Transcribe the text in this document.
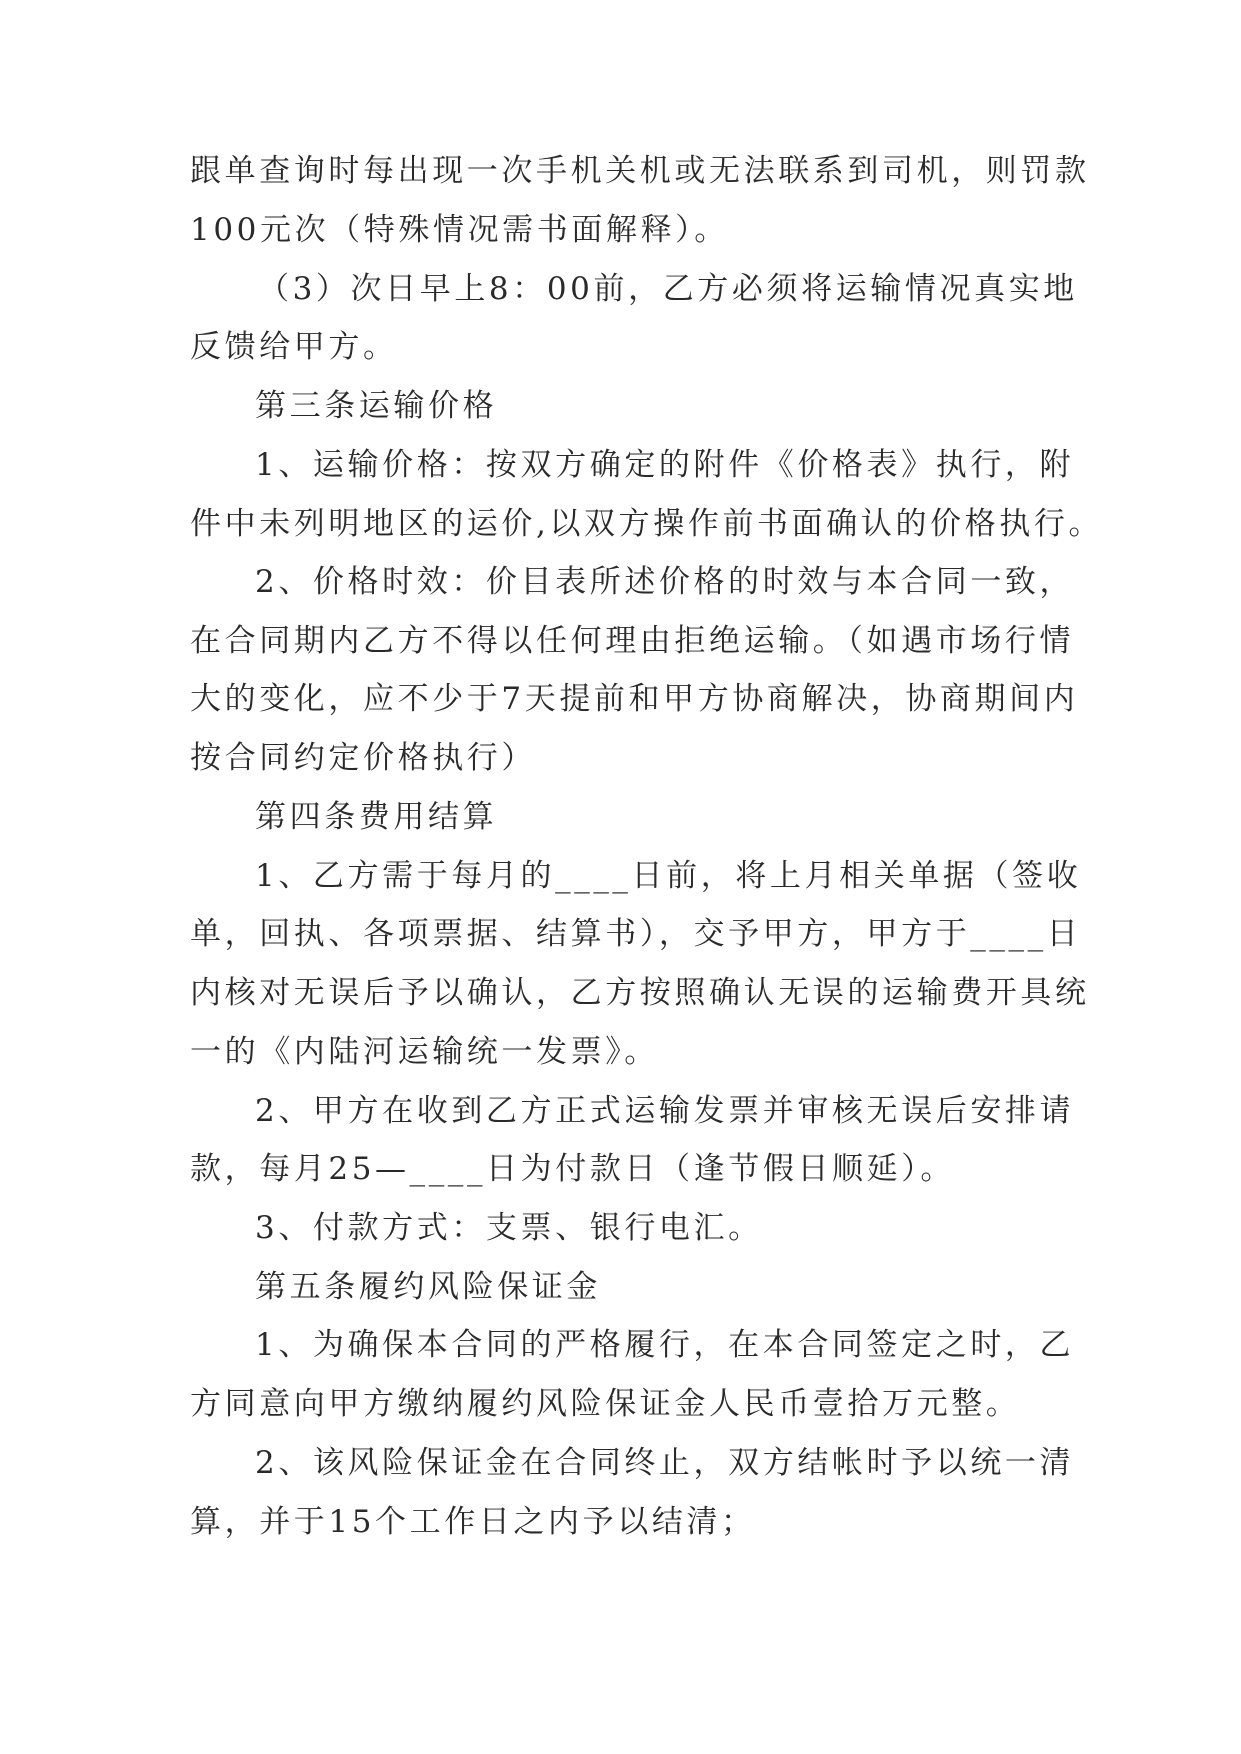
跟单查询时每出现一次手机关机或无法联系到司机，则罚款

100元次（特殊情况需书面解释）。

（3）次日早上8：00前，乙方必须将运输情况真实地

反馈给甲方。

第三条运输价格

1、运输价格：按双方确定的附件《价格表》执行，附

件中未列明地区的运价,以双方操作前书面确认的价格执行。

2、价格时效：价目表所述价格的时效与本合同一致，

在合同期内乙方不得以任何理由拒绝运输。（如遇市场行情

大的变化，应不少于7天提前和甲方协商解决，协商期间内

按合同约定价格执行）

第四条费用结算

1、乙方需于每月的____日前，将上月相关单据（签收

单，回执、各项票据、结算书），交予甲方，甲方于____日

内核对无误后予以确认，乙方按照确认无误的运输费开具统

一的《内陆河运输统一发票》。

2、甲方在收到乙方正式运输发票并审核无误后安排请

款，每月25—____日为付款日（逢节假日顺延）。

3、付款方式：支票、银行电汇。

第五条履约风险保证金

1、为确保本合同的严格履行，在本合同签定之时，乙

方同意向甲方缴纳履约风险保证金人民币壹拾万元整。

2、该风险保证金在合同终止，双方结帐时予以统一清

算，并于15个工作日之内予以结清；
